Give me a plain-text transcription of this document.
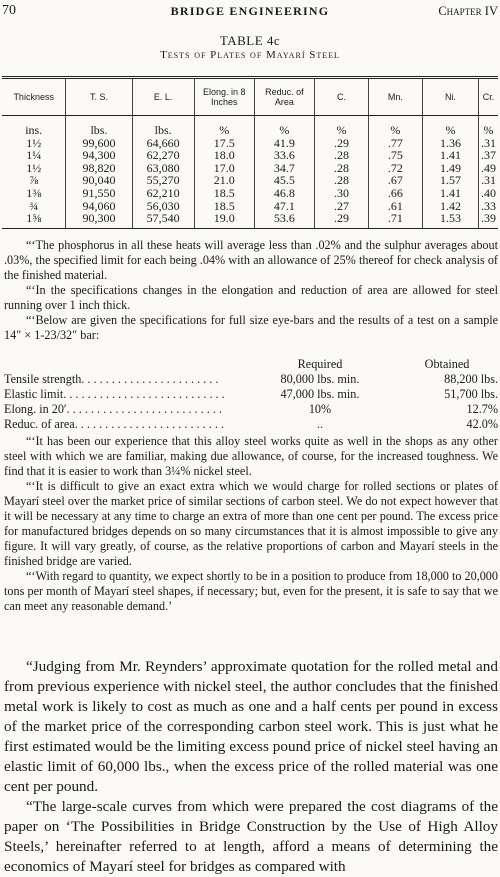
70	BRIDGE ENGINEERING	Chapter IV
TABLE 4c
Tests of Plates of Mayarí Steel
Thickness	T. S.	E. L.	Elong. in 8 Inches	Reduc. of Area	C.	Mn.	Ni.	Cr.
ins.	lbs.	lbs.	%	%	%	%	%	%
1½	99,600	64,660	17.5	41.9	.29	.77	1.36	.31
1¼	94,300	62,270	18.0	33.6	.28	.75	1.41	.37
1½	98,820	63,080	17.0	34.7	.28	.72	1.49	.49
⅞	90,040	55,270	21.0	45.5	.28	.67	1.57	.31
1⅜	91,550	62,210	18.5	46.8	.30	.66	1.41	.40
¾	94,060	56,030	18.5	47.1	.27	.61	1.42	.33
1⅝	90,300	57,540	19.0	53.6	.29	.71	1.53	.39

“‘The phosphorus in all these heats will average less than .02% and the sulphur averages about .03%, the specified limit for each being .04% with an allowance of 25% thereof for check analysis of the finished material.

“‘In the specifications changes in the elongation and reduction of area are allowed for steel running over 1 inch thick.

“‘Below are given the specifications for full size eye-bars and the results of a test on a sample 14″ × 1-23/32″ bar:

Required	Obtained
Tensile strength. . . . . . . . . . . . . . . . . . . . . . .	80,000 lbs. min.	88,200 lbs.
Elastic limit. . . . . . . . . . . . . . . . . . . . . . . . . . .	47,000 lbs. min.	51,700 lbs.
Elong. in 20′. . . . . . . . . . . . . . . . . . . . . . . . . .	10%	12.7%
Reduc. of area. . . . . . . . . . . . . . . . . . . . . . . . .	..	42.0%

“‘It has been our experience that this alloy steel works quite as well in the shops as any other steel with which we are familiar, making due allowance, of course, for the increased toughness. We find that it is easier to work than 3¼% nickel steel.

“‘It is difficult to give an exact extra which we would charge for rolled sections or plates of Mayarí steel over the market price of similar sections of carbon steel. We do not expect however that it will be necessary at any time to charge an extra of more than one cent per pound. The excess price for manufactured bridges depends on so many circumstances that it is almost impossible to give any figure. It will vary greatly, of course, as the relative proportions of carbon and Mayarí steels in the finished bridge are varied.

“‘With regard to quantity, we expect shortly to be in a position to produce from 18,000 to 20,000 tons per month of Mayarí steel shapes, if necessary; but, even for the present, it is safe to say that we can meet any reasonable demand.’

“Judging from Mr. Reynders’ approximate quotation for the rolled metal and from previous experience with nickel steel, the author concludes that the finished metal work is likely to cost as much as one and a half cents per pound in excess of the market price of the corresponding carbon steel work. This is just what he first estimated would be the limiting excess pound price of nickel steel having an elastic limit of 60,000 lbs., when the excess price of the rolled material was one cent per pound.

“The large-scale curves from which were prepared the cost diagrams of the paper on ‘The Possibilities in Bridge Construction by the Use of High Alloy Steels,’ hereinafter referred to at length, afford a means of determining the economics of Mayarí steel for bridges as compared with
